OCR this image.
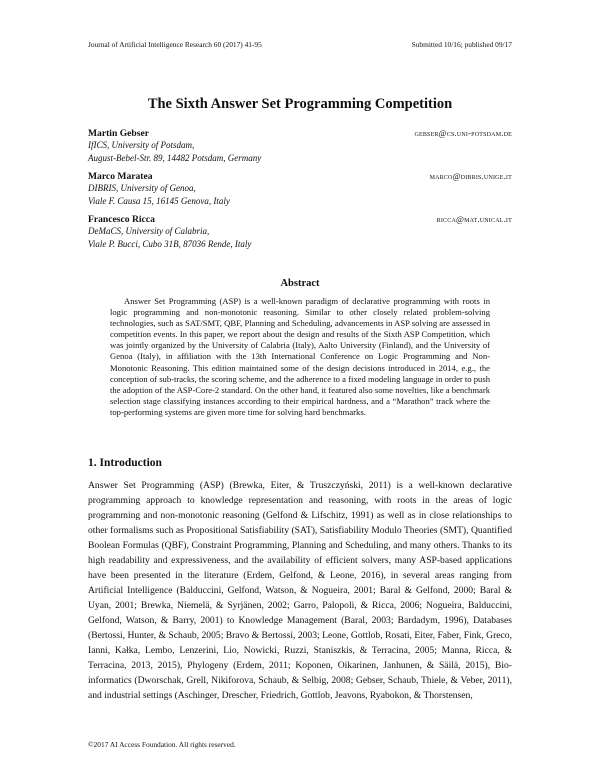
Journal of Artificial Intelligence Research 60 (2017) 41-95	Submitted 10/16; published 09/17
The Sixth Answer Set Programming Competition
Martin Gebser	gebser@cs.uni-potsdam.de
IfICS, University of Potsdam,
August-Bebel-Str. 89, 14482 Potsdam, Germany
Marco Maratea	marco@dibris.unige.it
DIBRIS, University of Genoa,
Viale F. Causa 15, 16145 Genova, Italy
Francesco Ricca	ricca@mat.unical.it
DeMaCS, University of Calabria,
Viale P. Bucci, Cubo 31B, 87036 Rende, Italy
Abstract

Answer Set Programming (ASP) is a well-known paradigm of declarative programming with roots in logic programming and non-monotonic reasoning. Similar to other closely related problem-solving technologies, such as SAT/SMT, QBF, Planning and Scheduling, advancements in ASP solving are assessed in competition events. In this paper, we report about the design and results of the Sixth ASP Competition, which was jointly organized by the University of Calabria (Italy), Aalto University (Finland), and the University of Genoa (Italy), in affiliation with the 13th International Conference on Logic Programming and Non-Monotonic Reasoning. This edition maintained some of the design decisions introduced in 2014, e.g., the conception of sub-tracks, the scoring scheme, and the adherence to a fixed modeling language in order to push the adoption of the ASP-Core-2 standard. On the other hand, it featured also some novelties, like a benchmark selection stage classifying instances according to their empirical hardness, and a “Marathon” track where the top-performing systems are given more time for solving hard benchmarks.

1. Introduction

Answer Set Programming (ASP) (Brewka, Eiter, & Truszczyński, 2011) is a well-known declarative programming approach to knowledge representation and reasoning, with roots in the areas of logic programming and non-monotonic reasoning (Gelfond & Lifschitz, 1991) as well as in close relationships to other formalisms such as Propositional Satisfiability (SAT), Satisfiability Modulo Theories (SMT), Quantified Boolean Formulas (QBF), Constraint Programming, Planning and Scheduling, and many others. Thanks to its high readability and expressiveness, and the availability of efficient solvers, many ASP-based applications have been presented in the literature (Erdem, Gelfond, & Leone, 2016), in several areas ranging from Artificial Intelligence (Balduccini, Gelfond, Watson, & Nogueira, 2001; Baral & Gelfond, 2000; Baral & Uyan, 2001; Brewka, Niemelä, & Syrjänen, 2002; Garro, Palopoli, & Ricca, 2006; Nogueira, Balduccini, Gelfond, Watson, & Barry, 2001) to Knowledge Management (Baral, 2003; Bardadym, 1996), Databases (Bertossi, Hunter, & Schaub, 2005; Bravo & Bertossi, 2003; Leone, Gottlob, Rosati, Eiter, Faber, Fink, Greco, Ianni, Kałka, Lembo, Lenzerini, Lio, Nowicki, Ruzzi, Staniszkis, & Terracina, 2005; Manna, Ricca, & Terracina, 2013, 2015), Phylogeny (Erdem, 2011; Koponen, Oikarinen, Janhunen, & Säilä, 2015), Bio-informatics (Dworschak, Grell, Nikiforova, Schaub, & Selbig, 2008; Gebser, Schaub, Thiele, & Veber, 2011), and industrial settings (Aschinger, Drescher, Friedrich, Gottlob, Jeavons, Ryabokon, & Thorstensen,

©2017 AI Access Foundation. All rights reserved.
